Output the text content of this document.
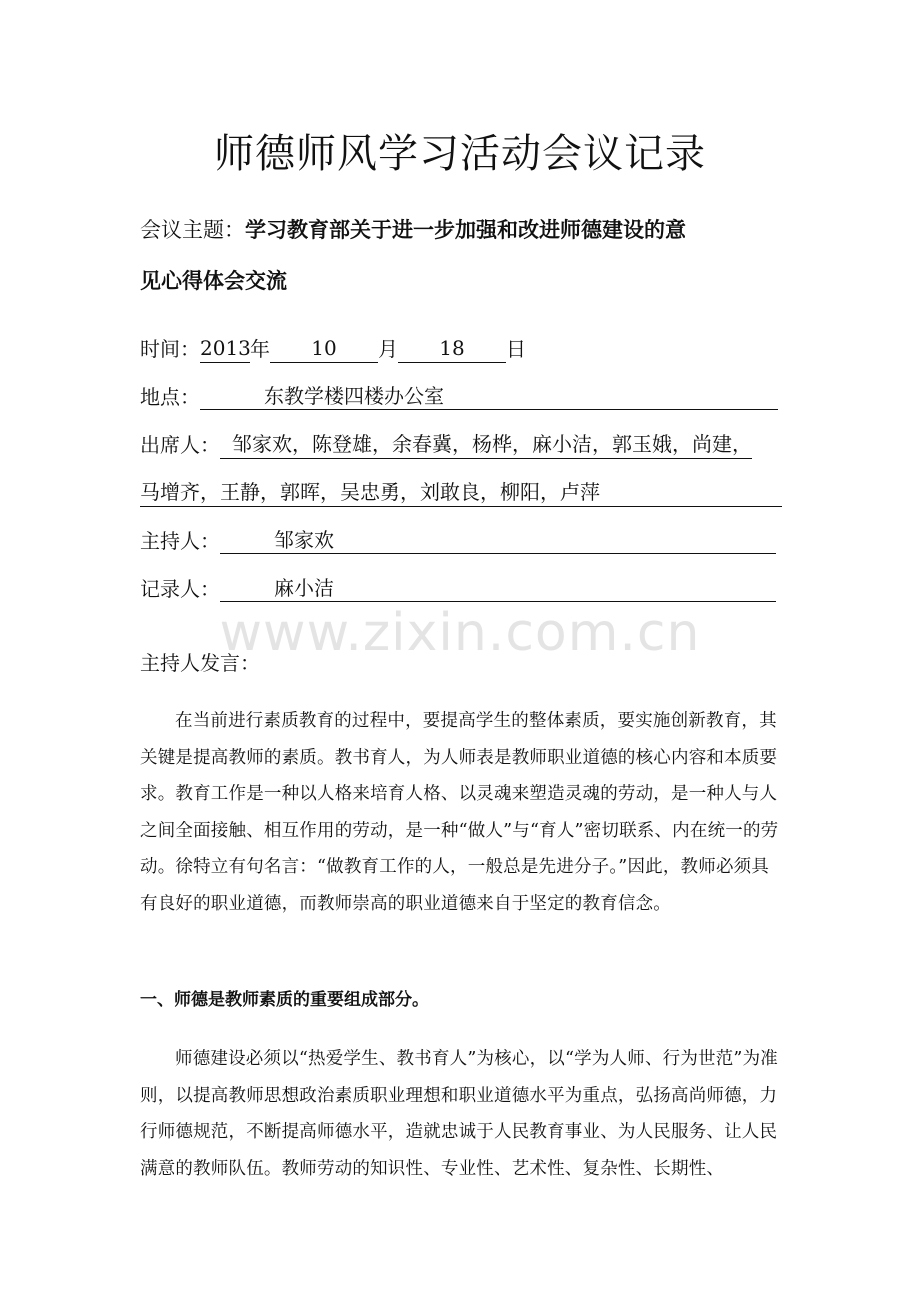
师德师风学习活动会议记录
会议主题：学习教育部关于进一步加强和改进师德建设的意
见心得体会交流
时间：2013年 10 月 18 日
地点：	东教学楼四楼办公室
出席人： 邹家欢，陈登雄，余春冀，杨桦，麻小洁，郭玉娥，尚建，
马增齐，王静，郭晖，吴忠勇，刘敢良，柳阳，卢萍
主持人：	邹家欢
记录人：	麻小洁
www.zixin.com.cn
主持人发言：
在当前进行素质教育的过程中，要提高学生的整体素质，要实施创新教育，其关键是提高教师的素质。教书育人，为人师表是教师职业道德的核心内容和本质要求。教育工作是一种以人格来培育人格、以灵魂来塑造灵魂的劳动，是一种人与人之间全面接触、相互作用的劳动，是一种“做人”与“育人”密切联系、内在统一的劳动。徐特立有句名言：“做教育工作的人，一般总是先进分子。”因此，教师必须具有良好的职业道德，而教师崇高的职业道德来自于坚定的教育信念。
一、师德是教师素质的重要组成部分。
师德建设必须以“热爱学生、教书育人”为核心，以“学为人师、行为世范”为准则，以提高教师思想政治素质职业理想和职业道德水平为重点，弘扬高尚师德，力行师德规范，不断提高师德水平，造就忠诚于人民教育事业、为人民服务、让人民满意的教师队伍。教师劳动的知识性、专业性、艺术性、复杂性、长期性、
